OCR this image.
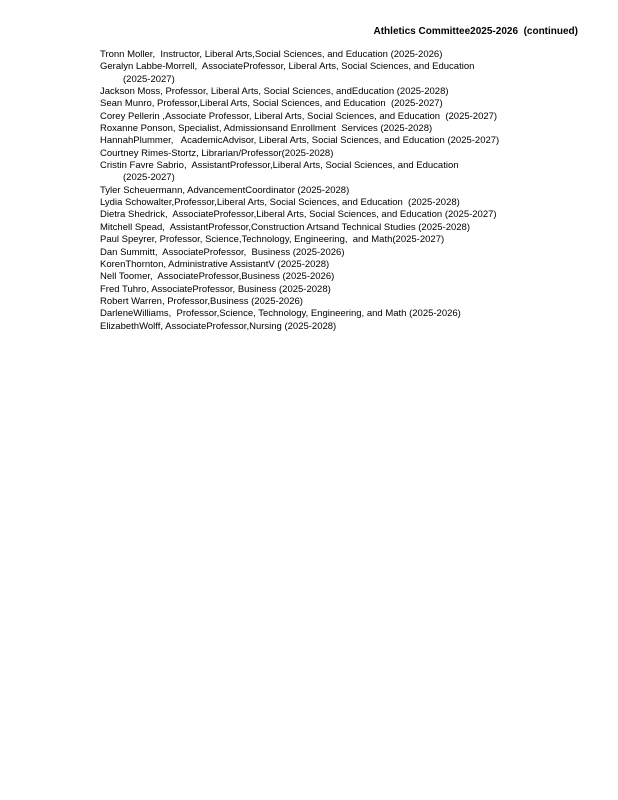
Athletics Committee2025-2026  (continued)
Tronn Moller,  Instructor, Liberal Arts,Social Sciences, and Education (2025-2026)
Geralyn Labbe-Morrell,  AssociateProfessor, Liberal Arts, Social Sciences, and Education
(2025-2027)
Jackson Moss, Professor, Liberal Arts, Social Sciences, andEducation (2025-2028)
Sean Munro, Professor,Liberal Arts, Social Sciences, and Education  (2025-2027)
Corey Pellerin ,Associate Professor, Liberal Arts, Social Sciences, and Education  (2025-2027)
Roxanne Ponson, Specialist, Admissionsand Enrollment  Services (2025-2028)
HannahPlummer,   AcademicAdvisor, Liberal Arts, Social Sciences, and Education (2025-2027)
Courtney Rimes-Stortz, Librarian/Professor(2025-2028)
Cristin Favre Sabrio,  AssistantProfessor,Liberal Arts, Social Sciences, and Education
(2025-2027)
Tyler Scheuermann, AdvancementCoordinator (2025-2028)
Lydia Schowalter,Professor,Liberal Arts, Social Sciences, and Education  (2025-2028)
Dietra Shedrick,  AssociateProfessor,Liberal Arts, Social Sciences, and Education (2025-2027)
Mitchell Spead,  AssistantProfessor,Construction Artsand Technical Studies (2025-2028)
Paul Speyrer, Professor, Science,Technology, Engineering,  and Math(2025-2027)
Dan Summitt,  AssociateProfessor,  Business (2025-2026)
KorenThornton, Administrative AssistantV (2025-2028)
Nell Toomer,  AssociateProfessor,Business (2025-2026)
Fred Tuhro, AssociateProfessor, Business (2025-2028)
Robert Warren, Professor,Business (2025-2026)
DarleneWilliams,  Professor,Science, Technology, Engineering, and Math (2025-2026)
ElizabethWolff, AssociateProfessor,Nursing (2025-2028)
